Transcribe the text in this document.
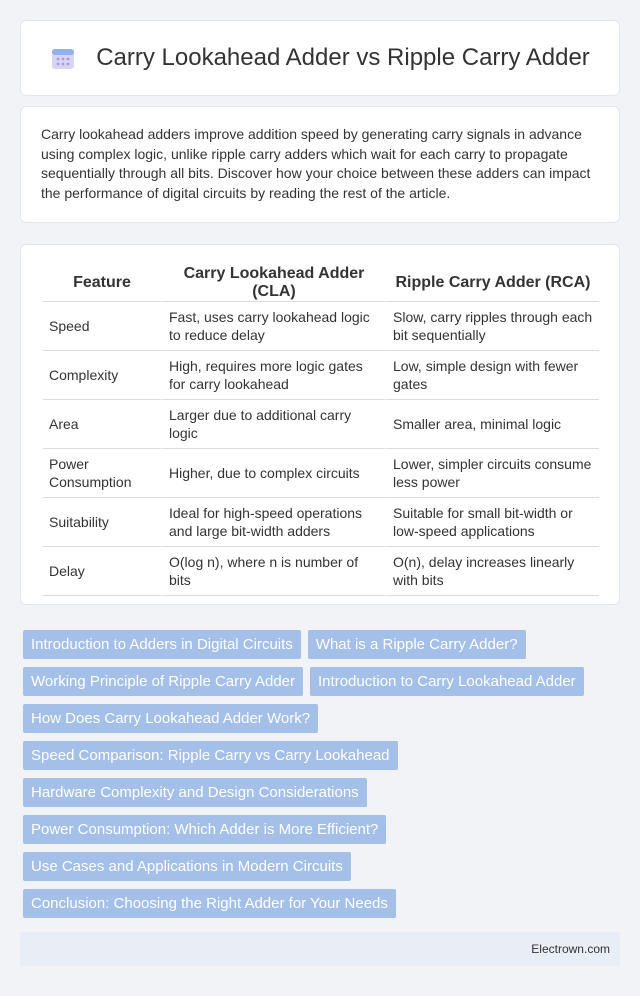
Carry Lookahead Adder vs Ripple Carry Adder

Carry lookahead adders improve addition speed by generating carry signals in advance using complex logic, unlike ripple carry adders which wait for each carry to propagate sequentially through all bits. Discover how your choice between these adders can impact the performance of digital circuits by reading the rest of the article.

Feature	Carry Lookahead Adder (CLA)	Ripple Carry Adder (RCA)
Speed	Fast, uses carry lookahead logic to reduce delay	Slow, carry ripples through each bit sequentially
Complexity	High, requires more logic gates for carry lookahead	Low, simple design with fewer gates
Area	Larger due to additional carry logic	Smaller area, minimal logic
Power Consumption	Higher, due to complex circuits	Lower, simpler circuits consume less power
Suitability	Ideal for high-speed operations and large bit-width adders	Suitable for small bit-width or low-speed applications
Delay	O(log n), where n is number of bits	O(n), delay increases linearly with bits
Introduction to Adders in Digital Circuits	What is a Ripple Carry Adder?
Working Principle of Ripple Carry Adder	Introduction to Carry Lookahead Adder
How Does Carry Lookahead Adder Work?
Speed Comparison: Ripple Carry vs Carry Lookahead
Hardware Complexity and Design Considerations
Power Consumption: Which Adder is More Efficient?
Use Cases and Applications in Modern Circuits
Conclusion: Choosing the Right Adder for Your Needs
Electrown.com
